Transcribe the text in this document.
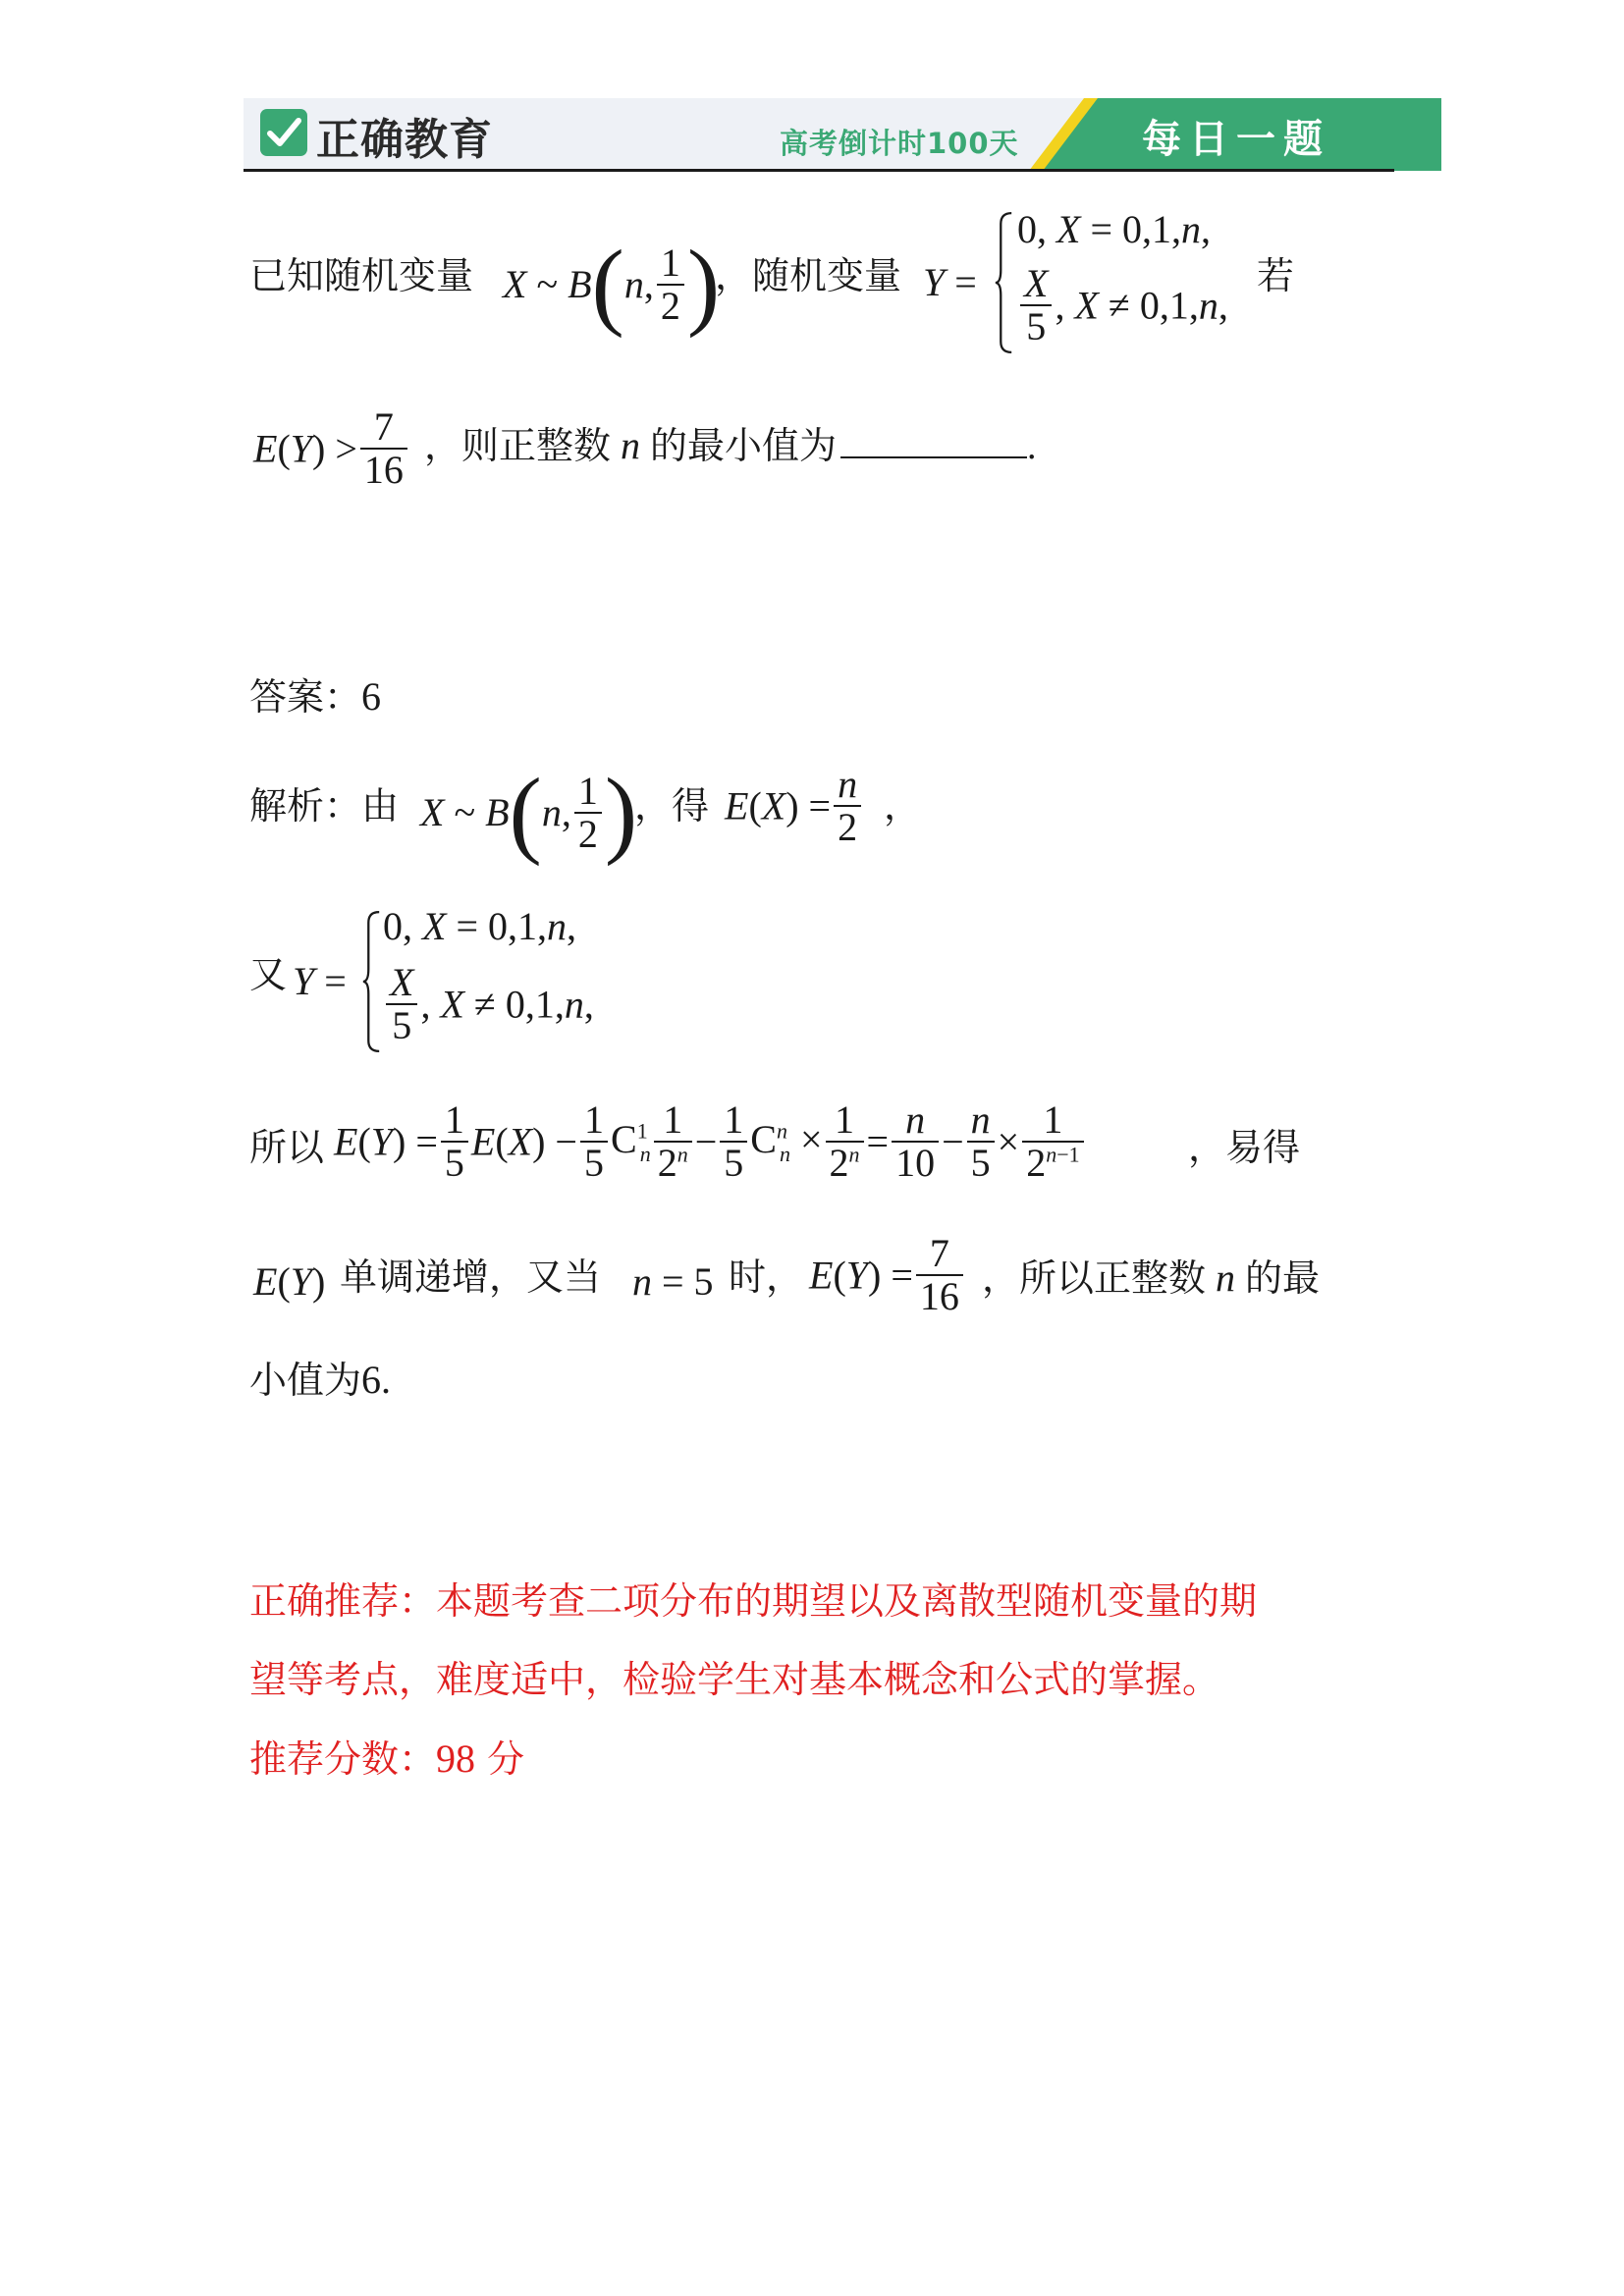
正确教育	高考倒计时100天	每日一题
已知随机变量 X ~ B(n, $\frac{1}{2}$ )
，随机变量 Y =
0, X = 0,1,n,
$\frac{X}{5}$ , X ≠ 0,1,n,
若
$E(Y) > \frac{7}{16}$ ，则正整数 n 的最小值为	.
答案：6
解析：由 X ~ B(n, $\frac{1}{2}$ )
，得 $E(X) = \frac{n}{2}$ ，
又 Y =
0, X = 0,1,n,
$\frac{X}{5}$ , X ≠ 0,1,n,
所以 $E(Y) = \frac{1}{5} E(X) - \frac{1}{5} C^1_n \frac{1}{2^n} - \frac{1}{5} C^n_n \times \frac{1}{2^n} = \frac{n}{10} - \frac{n}{5} \times \frac{1}{2^{n-1}}$	，易得
E(Y) 单调递增，又当 n = 5 时， $E(Y) = \frac{7}{16}$ ，所以正整数 n 的最
小值为6.
正确推荐：本题考查二项分布的期望以及离散型随机变量的期
望等考点，难度适中，检验学生对基本概念和公式的掌握。
推荐分数：98 分
